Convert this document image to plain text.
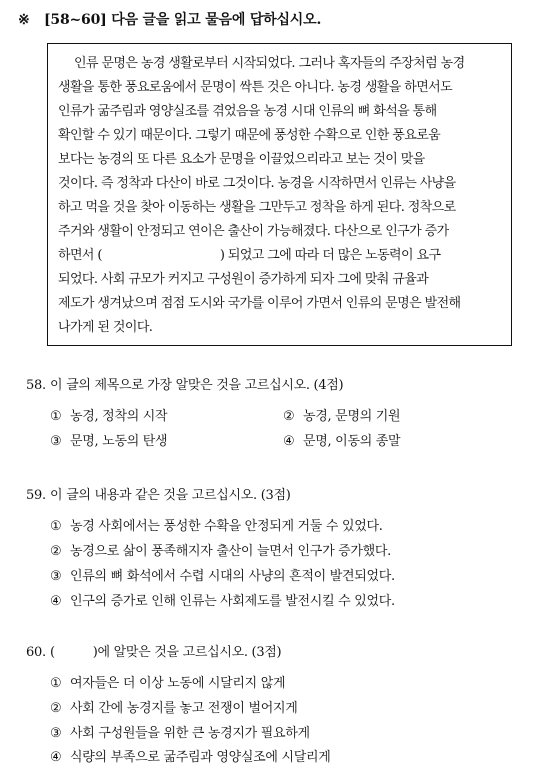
※ [58~60] 다음 글을 읽고 물음에 답하십시오.
인류 문명은 농경 생활로부터 시작되었다. 그러나 혹자들의 주장처럼 농경
생활을 통한 풍요로움에서 문명이 싹튼 것은 아니다. 농경 생활을 하면서도
인류가 굶주림과 영양실조를 겪었음을 농경 시대 인류의 뼈 화석을 통해
확인할 수 있기 때문이다. 그렇기 때문에 풍성한 수확으로 인한 풍요로움
보다는 농경의 또 다른 요소가 문명을 이끌었으리라고 보는 것이 맞을
것이다. 즉 정착과 다산이 바로 그것이다. 농경을 시작하면서 인류는 사냥을
하고 먹을 것을 찾아 이동하는 생활을 그만두고 정착을 하게 된다. 정착으로
주거와 생활이 안정되고 연이은 출산이 가능해졌다. 다산으로 인구가 증가
하면서 (	) 되었고 그에 따라 더 많은 노동력이 요구
되었다. 사회 규모가 커지고 구성원이 증가하게 되자 그에 맞춰 규율과
제도가 생겨났으며 점점 도시와 국가를 이루어 가면서 인류의 문명은 발전해
나가게 된 것이다.
58. 이 글의 제목으로 가장 알맞은 것을 고르십시오. (4점)
① 농경, 정착의 시작	② 농경, 문명의 기원
③ 문명, 노동의 탄생	④ 문명, 이동의 종말
59. 이 글의 내용과 같은 것을 고르십시오. (3점)
① 농경 사회에서는 풍성한 수확을 안정되게 거둘 수 있었다.
② 농경으로 삶이 풍족해지자 출산이 늘면서 인구가 증가했다.
③ 인류의 뼈 화석에서 수렵 시대의 사냥의 흔적이 발견되었다.
④ 인구의 증가로 인해 인류는 사회제도를 발전시킬 수 있었다.
60. (	)에 알맞은 것을 고르십시오. (3점)
① 여자들은 더 이상 노동에 시달리지 않게
② 사회 간에 농경지를 놓고 전쟁이 벌어지게
③ 사회 구성원들을 위한 큰 농경지가 필요하게
④ 식량의 부족으로 굶주림과 영양실조에 시달리게
